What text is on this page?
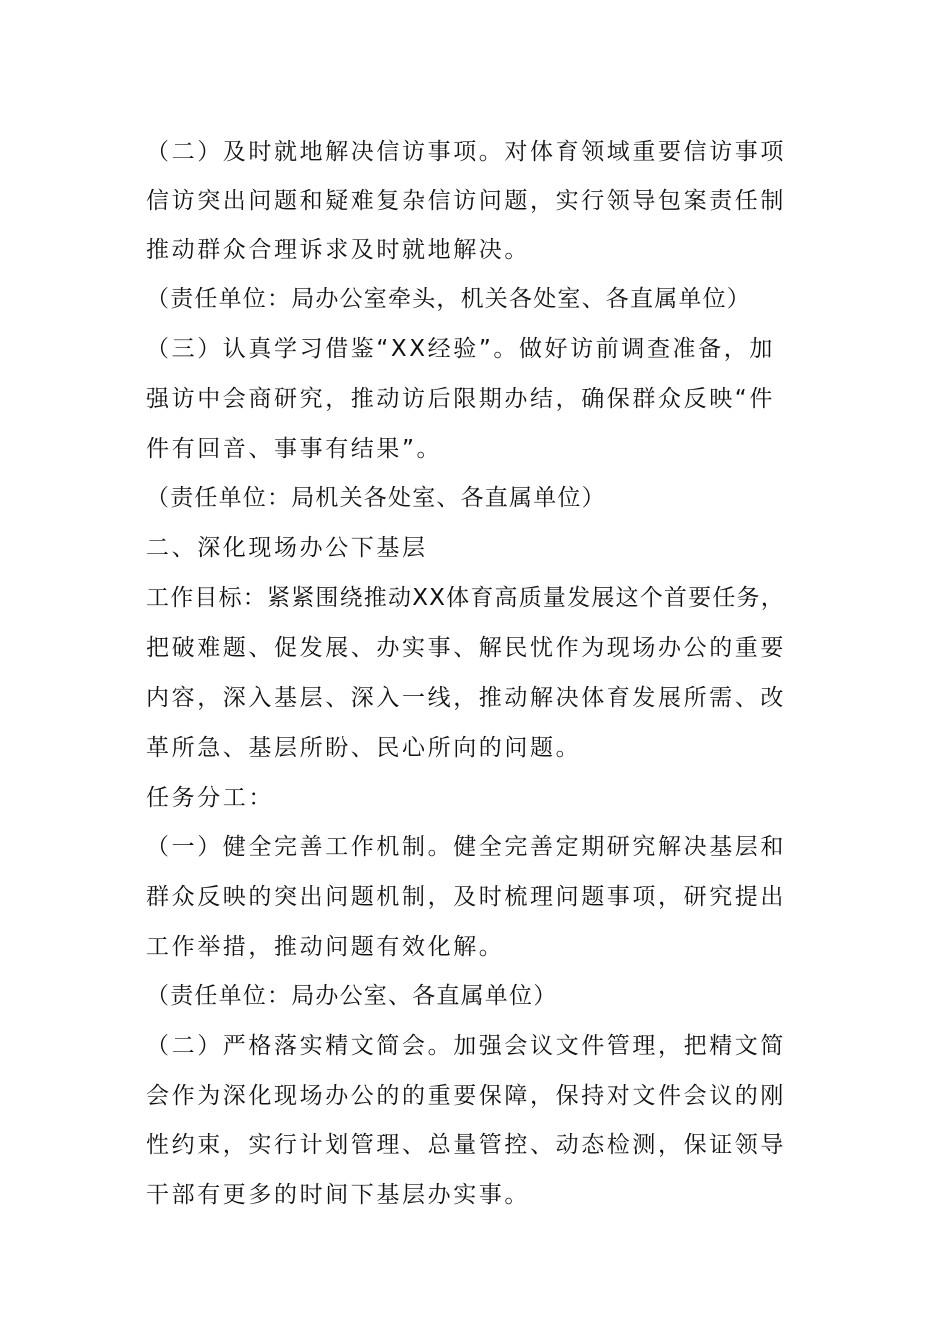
（二）及时就地解决信访事项。对体育领域重要信访事项
信访突出问题和疑难复杂信访问题，实行领导包案责任制
推动群众合理诉求及时就地解决。
（责任单位：局办公室牵头，机关各处室、各直属单位）
（三）认真学习借鉴“XX经验”。做好访前调查准备，加
强访中会商研究，推动访后限期办结，确保群众反映“件
件有回音、事事有结果”。
（责任单位：局机关各处室、各直属单位）
二、深化现场办公下基层
工作目标：紧紧围绕推动XX体育高质量发展这个首要任务，
把破难题、促发展、办实事、解民忧作为现场办公的重要
内容，深入基层、深入一线，推动解决体育发展所需、改
革所急、基层所盼、民心所向的问题。
任务分工：
（一）健全完善工作机制。健全完善定期研究解决基层和
群众反映的突出问题机制，及时梳理问题事项，研究提出
工作举措，推动问题有效化解。
（责任单位：局办公室、各直属单位）
（二）严格落实精文简会。加强会议文件管理，把精文简
会作为深化现场办公的的重要保障，保持对文件会议的刚
性约束，实行计划管理、总量管控、动态检测，保证领导
干部有更多的时间下基层办实事。
